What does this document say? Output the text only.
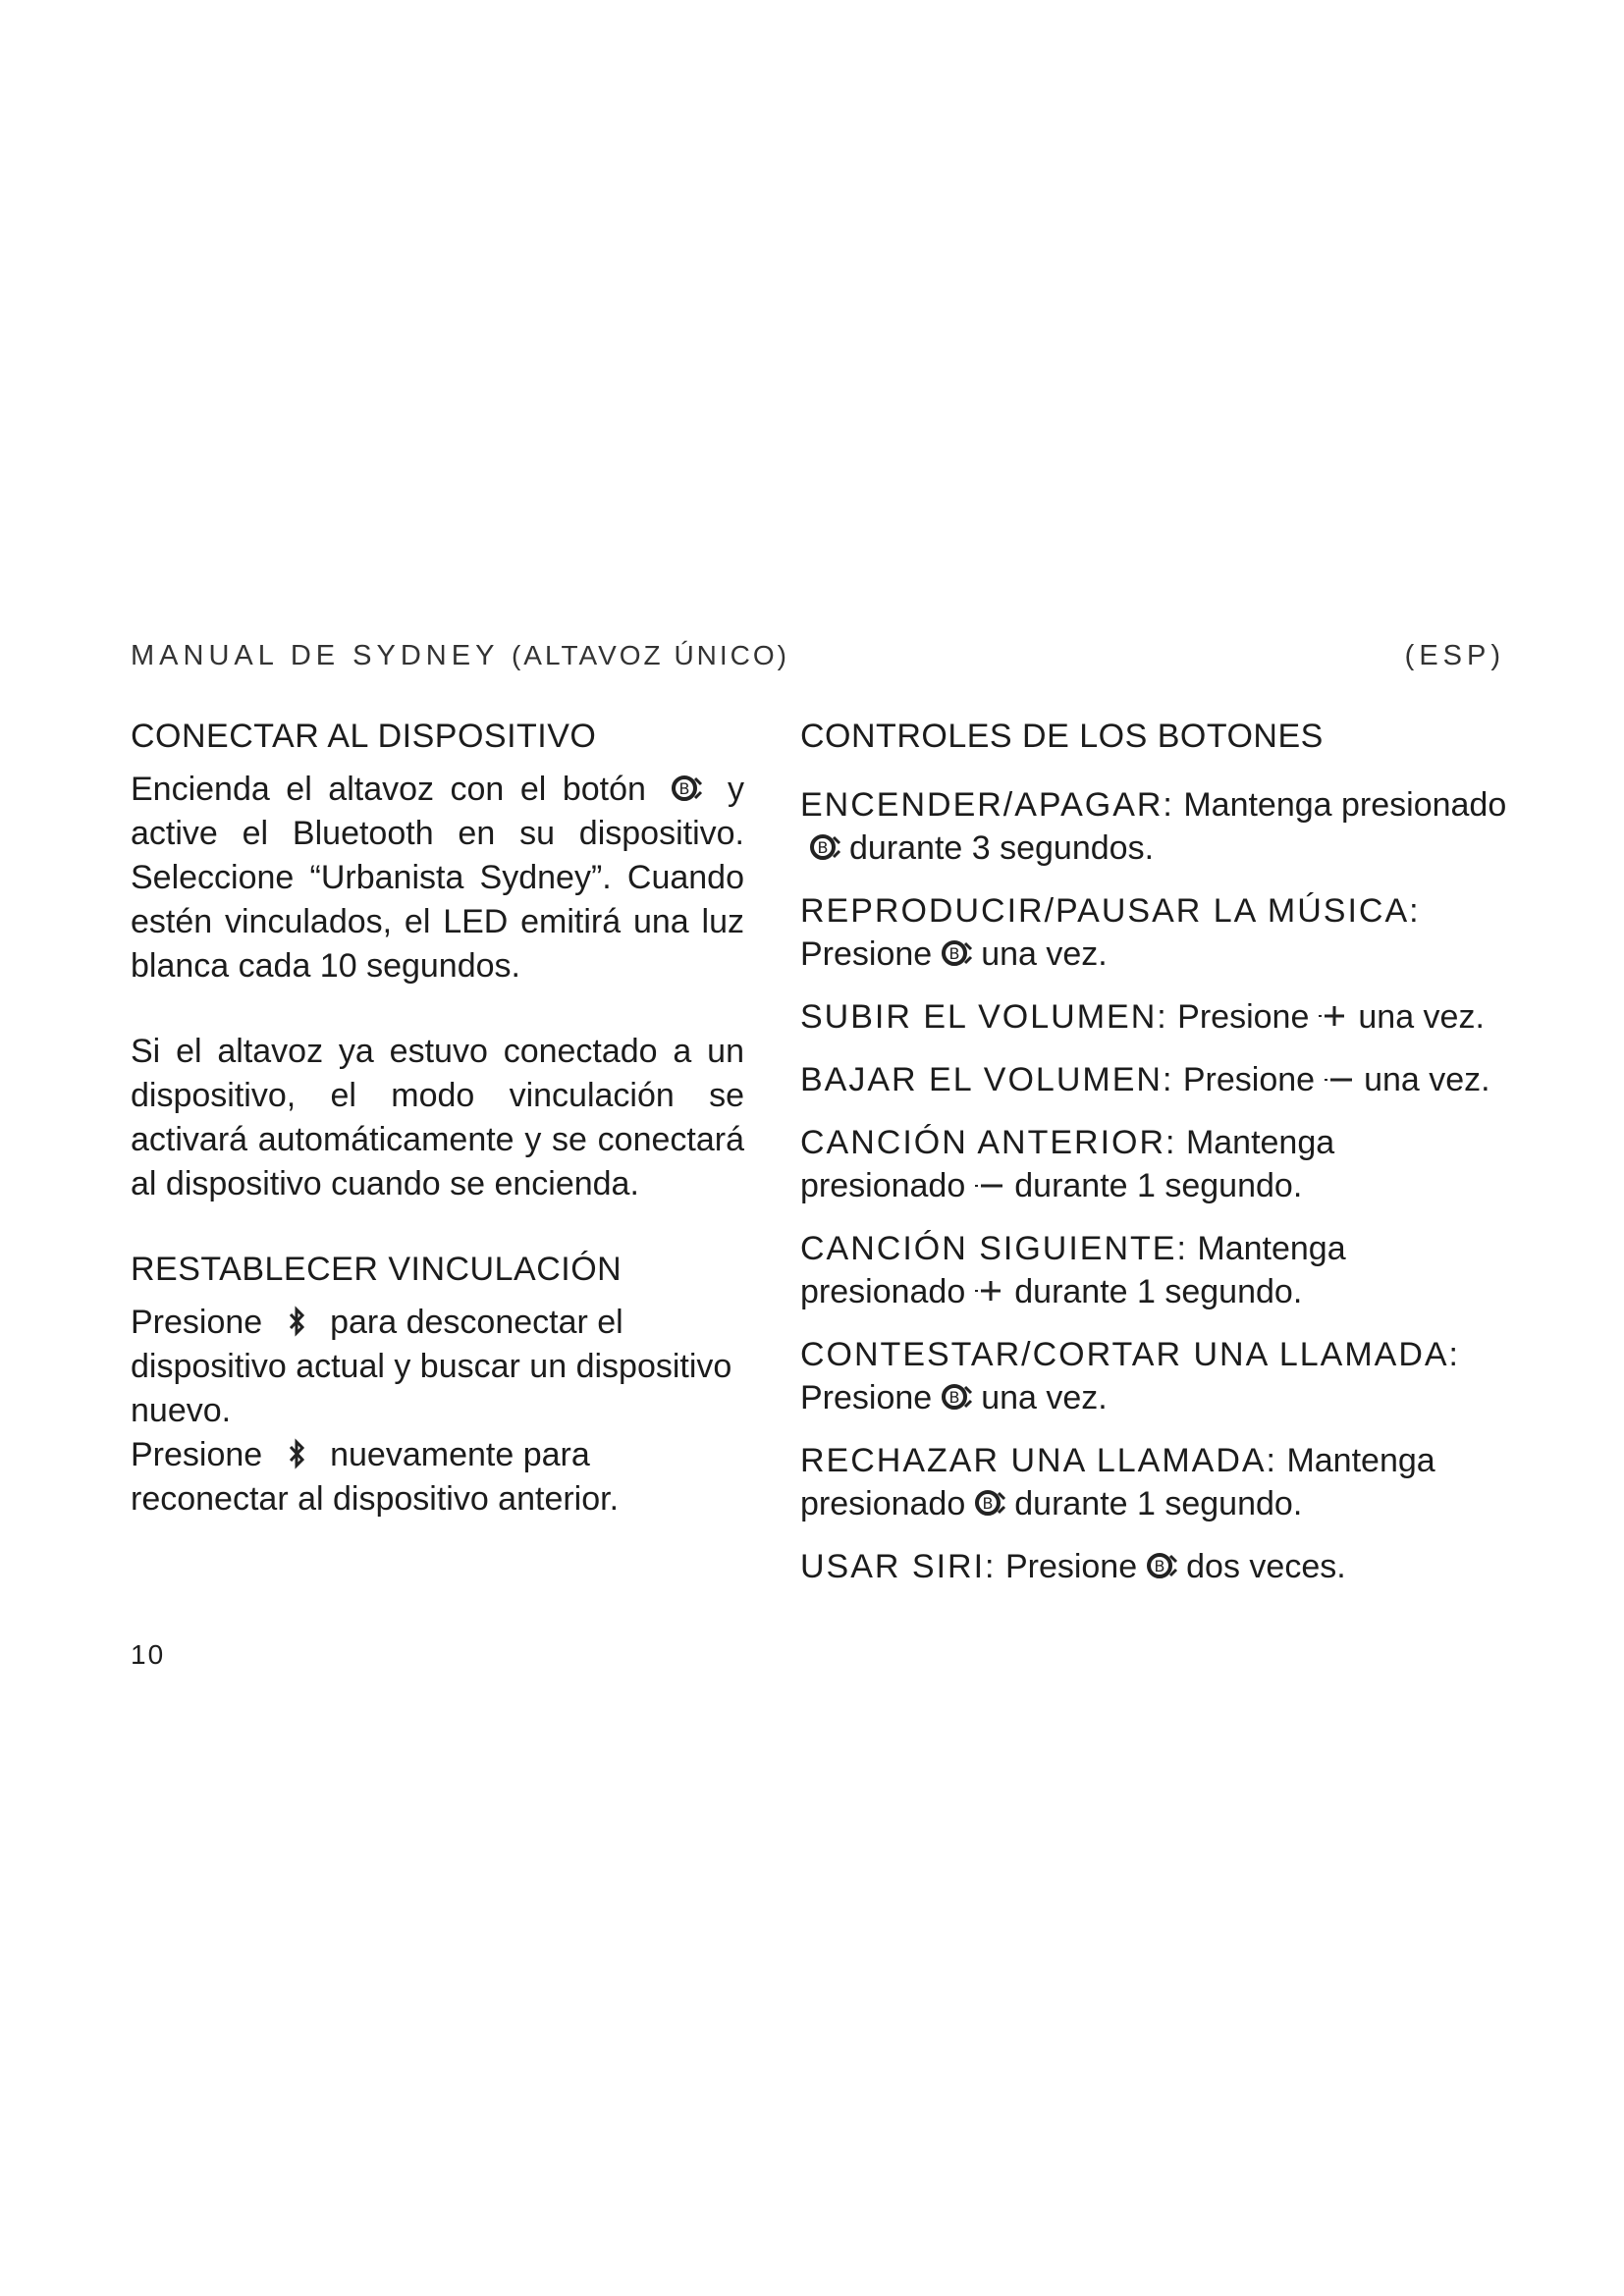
MANUAL DE SYDNEY (ALTAVOZ ÚNICO)	(ESP)
CONECTAR AL DISPOSITIVO

Encienda el altavoz con el botón B y active el Bluetooth en su dispositivo. Seleccione “Urbanista Sydney”. Cuando estén vinculados, el LED emitirá una luz blanca cada 10 segundos.

Si el altavoz ya estuvo conectado a un dispositivo, el modo vinculación se activará automáticamente y se conectará al dispositivo cuando se encienda.

RESTABLECER VINCULACIÓN

Presione para desconectar el dispositivo actual y buscar un dispositivo nuevo.

Presione nuevamente para reconectar al dispositivo anterior.

CONTROLES DE LOS BOTONES

ENCENDER/APAGAR: Mantenga presionado
B durante 3 segundos.

REPRODUCIR/PAUSAR LA MÚSICA: Presione B una vez.

SUBIR EL VOLUMEN: Presione una vez.

BAJAR EL VOLUMEN: Presione una vez.

CANCIÓN ANTERIOR: Mantenga presionado durante 1 segundo.

CANCIÓN SIGUIENTE: Mantenga presionado durante 1 segundo.

CONTESTAR/CORTAR UNA LLAMADA: Presione B una vez.

RECHAZAR UNA LLAMADA: Mantenga presionado B durante 1 segundo.

USAR SIRI: Presione B dos veces.

10
